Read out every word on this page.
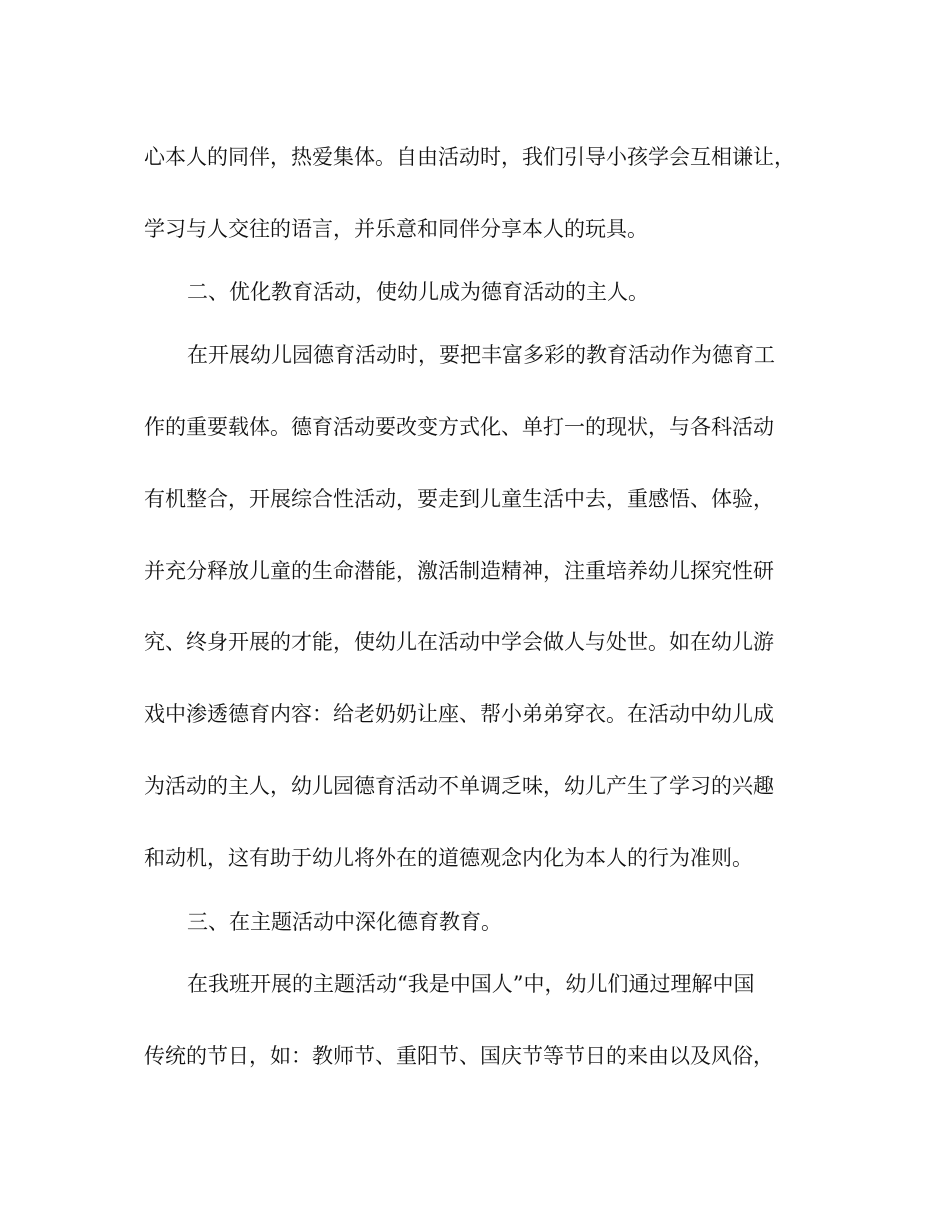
心本人的同伴，热爱集体。自由活动时，我们引导小孩学会互相谦让，

学习与人交往的语言，并乐意和同伴分享本人的玩具。

二、优化教育活动，使幼儿成为德育活动的主人。

在开展幼儿园德育活动时，要把丰富多彩的教育活动作为德育工

作的重要载体。德育活动要改变方式化、单打一的现状，与各科活动

有机整合，开展综合性活动，要走到儿童生活中去，重感悟、体验，

并充分释放儿童的生命潜能，激活制造精神，注重培养幼儿探究性研

究、终身开展的才能，使幼儿在活动中学会做人与处世。如在幼儿游

戏中渗透德育内容：给老奶奶让座、帮小弟弟穿衣。在活动中幼儿成

为活动的主人，幼儿园德育活动不单调乏味，幼儿产生了学习的兴趣

和动机，这有助于幼儿将外在的道德观念内化为本人的行为准则。

三、在主题活动中深化德育教育。

在我班开展的主题活动“我是中国人”中，幼儿们通过理解中国

传统的节日，如：教师节、重阳节、国庆节等节日的来由以及风俗，
